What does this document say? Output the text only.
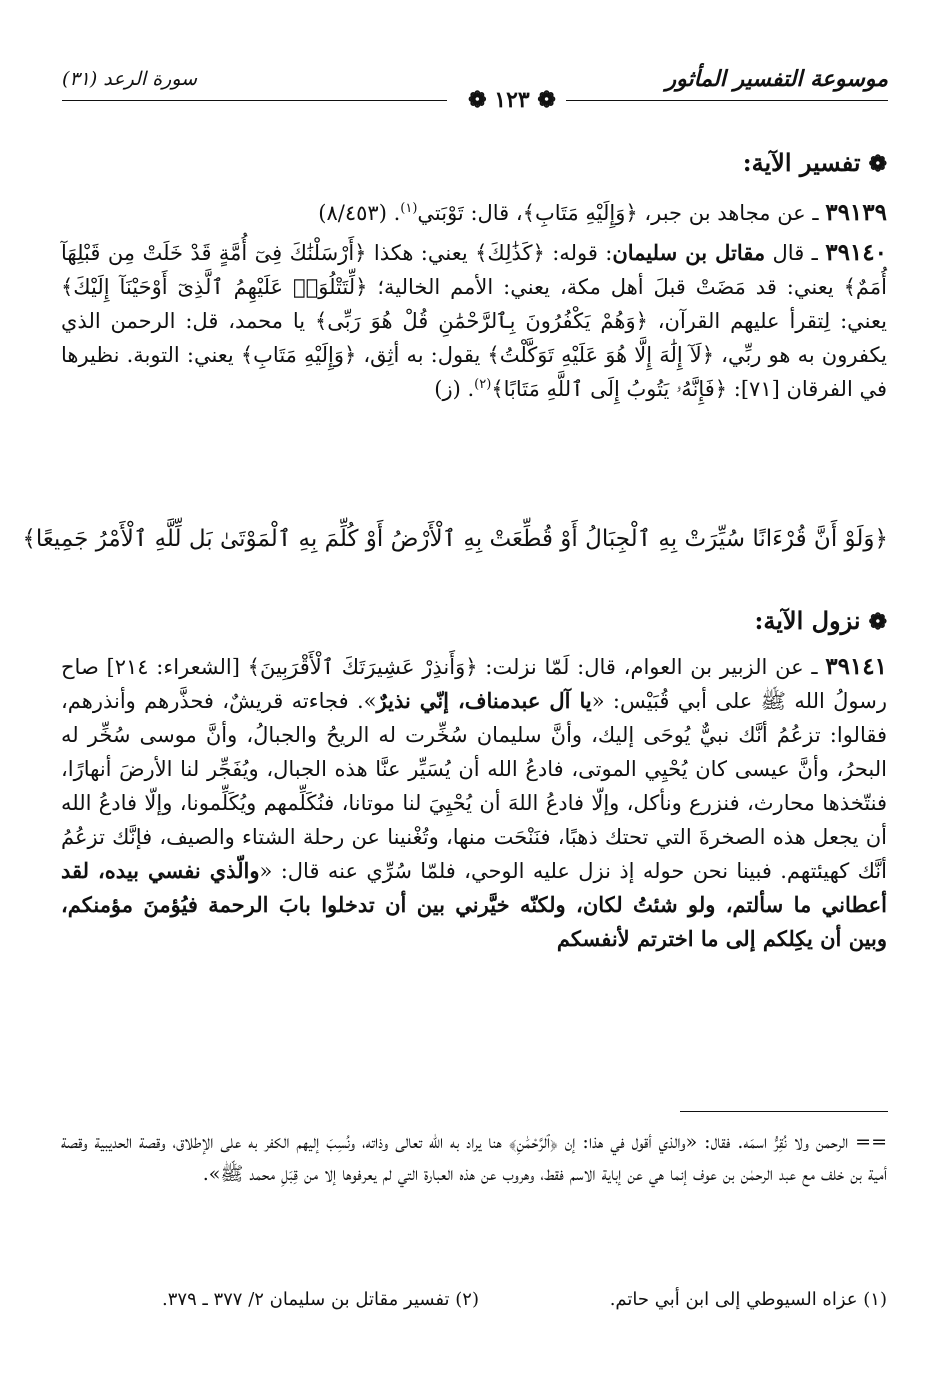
موسوعة التفسير المأثور
سورة الرعد (٣١)
❁ ١٢٣ ❁
❁تفسير الآية:
٣٩١٣٩ ـ عن مجاهد بن جبر، ﴿وَإِلَيْهِ مَتَابِ﴾، قال: تَوْبَتي$^{(١)}$. (٨/٤٥٣)
٣٩١٤٠ ـ قال مقاتل بن سليمان: قوله: ﴿كَذَٰلِكَ﴾ يعني: هكذا ﴿أَرْسَلْنَٰكَ فِىٓ أُمَّةٍ قَدْ خَلَتْ مِن قَبْلِهَآ أُمَمٌ﴾ يعني: قد مَضَتْ قبلَ أهل مكة، يعني: الأمم الخالية؛ ﴿لِّتَتْلُوَا۟ عَلَيْهِمُ ٱلَّذِىٓ أَوْحَيْنَآ إِلَيْكَ﴾ يعني: لِتقرأ عليهم القرآن، ﴿وَهُمْ يَكْفُرُونَ بِٱلرَّحْمَٰنِ قُلْ هُوَ رَبِّى﴾ يا محمد، قل: الرحمن الذي يكفرون به هو ربِّي، ﴿لَآ إِلَٰهَ إِلَّا هُوَ عَلَيْهِ تَوَكَّلْتُ﴾ يقول: به أثِق، ﴿وَإِلَيْهِ مَتَابِ﴾ يعني: التوبة. نظيرها في الفرقان [٧١]: ﴿فَإِنَّهُۥ يَتُوبُ إِلَى ٱللَّهِ مَتَابًا﴾$^{(٢)}$. (ز)
﴿وَلَوْ أَنَّ قُرْءَانًا سُيِّرَتْ بِهِ ٱلْجِبَالُ أَوْ قُطِّعَتْ بِهِ ٱلْأَرْضُ أَوْ كُلِّمَ بِهِ ٱلْمَوْتَىٰ بَل لِّلَّهِ ٱلْأَمْرُ جَمِيعًا﴾
❁نزول الآية:
٣٩١٤١ ـ عن الزبير بن العوام، قال: لَمّا نزلت: ﴿وَأَنذِرْ عَشِيرَتَكَ ٱلْأَقْرَبِينَ﴾ [الشعراء: ٢١٤] صاح رسولُ الله ﷺ على أبي قُبَيْس: «يا آل عبدمناف، إنّي نذيرٌ». فجاءته قريشٌ، فحذَّرهم وأنذرهم، فقالوا: تزعُمُ أنَّك نبيٌّ يُوحَى إليك، وأنَّ سليمان سُخِّرت له الريحُ والجبالُ، وأنَّ موسى سُخِّر له البحرُ، وأنَّ عيسى كان يُحْيِي الموتى، فادعُ الله أن يُسَيِّر عنَّا هذه الجبال، ويُفَجِّر لنا الأرضَ أنهارًا، فنتّخذها محارث، فنزرع ونأكل، وإلّا فادعُ اللهَ أن يُحْيِيَ لنا موتانا، فنُكَلِّمهم ويُكَلِّمونا، وإلّا فادعُ الله أن يجعل هذه الصخرةَ التي تحتك ذهبًا، فنَنْحَت منها، وتُغْنينا عن رحلة الشتاء والصيف، فإنَّك تزعُمُ أنَّك كهيئتهم. فبينا نحن حوله إذ نزل عليه الوحي، فلمّا سُرِّي عنه قال: «والّذي نفسي بيده، لقد أعطاني ما سألتم، ولو شئتُ لكان، ولكنّه خيَّرني بين أن تدخلوا بابَ الرحمة فيُؤمنَ مؤمنكم، وبين أن يكِلكم إلى ما اخترتم لأنفسكم
== الرحمن ولا نُقِرُّ اسمَه. فقال: «والذي أقول في هذا: إن ﴿ٱلرَّحْمَٰنِ﴾ هنا يراد به الله تعالى وذاته، ونُسِبَ إليهم الكفر به على الإطلاق، وقصة الحديبية وقصة أمية بن خلف مع عبد الرحمٰن بن عوف إنما هي عن إباية الاسم فقط، وهروب عن هذه العبارة التي لم يعرفوها إلا من قِبَلِ محمد ﷺ».
(١) عزاه السيوطي إلى ابن أبي حاتم.
(٢) تفسير مقاتل بن سليمان ٢/ ٣٧٧ ـ ٣٧٩.
